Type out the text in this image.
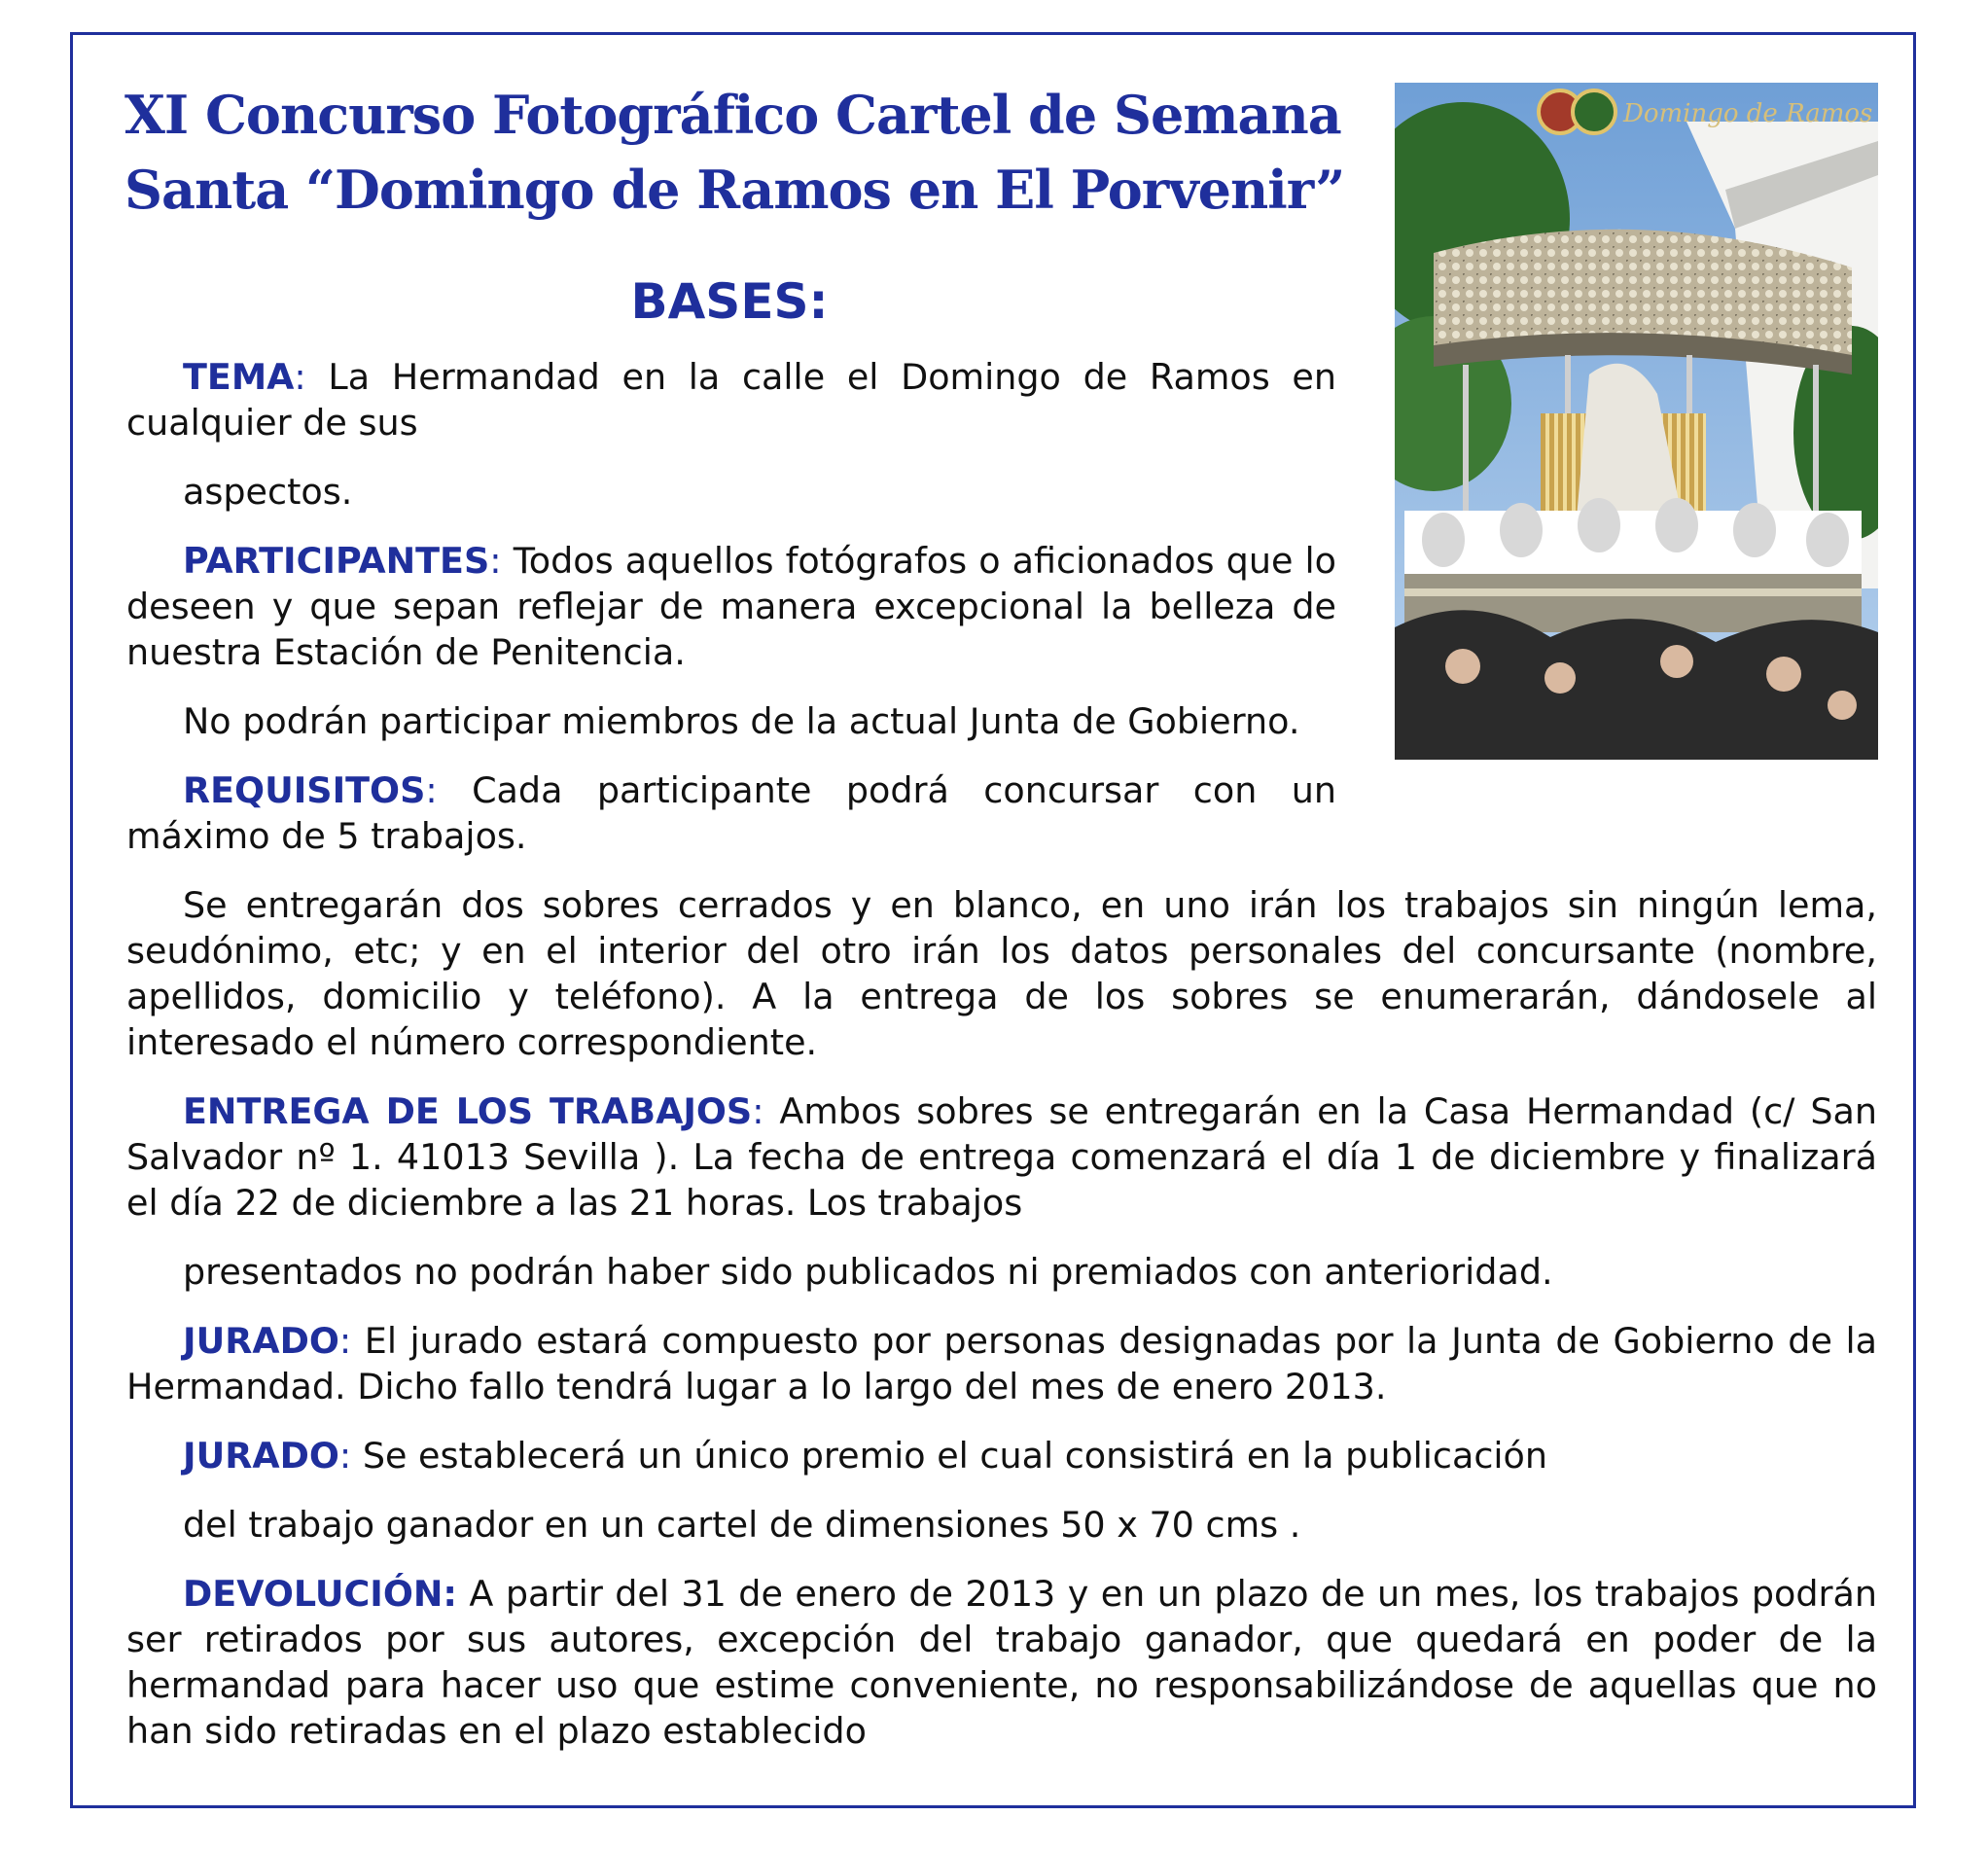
XI Concurso Fotográfico Cartel de Semana
Santa “Domingo de Ramos en El Porvenir”
BASES:
Domingo de Ramos

TEMA: La Hermandad en la calle el Domingo de Ramos en cualquier de sus

aspectos.

PARTICIPANTES: Todos aquellos fotógrafos o aficionados que lo deseen y que sepan reflejar de manera excepcional la belleza de nuestra Estación de Penitencia.

No podrán participar miembros de la actual Junta de Gobierno.

REQUISITOS: Cada participante podrá concursar con un máximo de 5 trabajos.

Se entregarán dos sobres cerrados y en blanco, en uno irán los trabajos sin ningún lema, seudónimo, etc; y en el interior del otro irán los datos personales del concursante (nombre, apellidos, domicilio y teléfono). A la entrega de los sobres se enumerarán, dándosele al interesado el número correspondiente.

ENTREGA DE LOS TRABAJOS: Ambos sobres se entregarán en la Casa Hermandad (c/ San Salvador nº 1. 41013 Sevilla ). La fecha de entrega comenzará el día 1 de diciembre y finalizará el día 22 de diciembre a las 21 horas. Los trabajos

presentados no podrán haber sido publicados ni premiados con anterioridad.

JURADO: El jurado estará compuesto por personas designadas por la Junta de Gobierno de la Hermandad. Dicho fallo tendrá lugar a lo largo del mes de enero 2013.

JURADO: Se establecerá un único premio el cual consistirá en la publicación

del trabajo ganador en un cartel de dimensiones 50 x 70 cms .

DEVOLUCIÓN: A partir del 31 de enero de 2013 y en un plazo de un mes, los trabajos podrán ser retirados por sus autores, excepción del trabajo ganador, que quedará en poder de la hermandad para hacer uso que estime conveniente, no responsabilizándose de aquellas que no han sido retiradas en el plazo establecido
